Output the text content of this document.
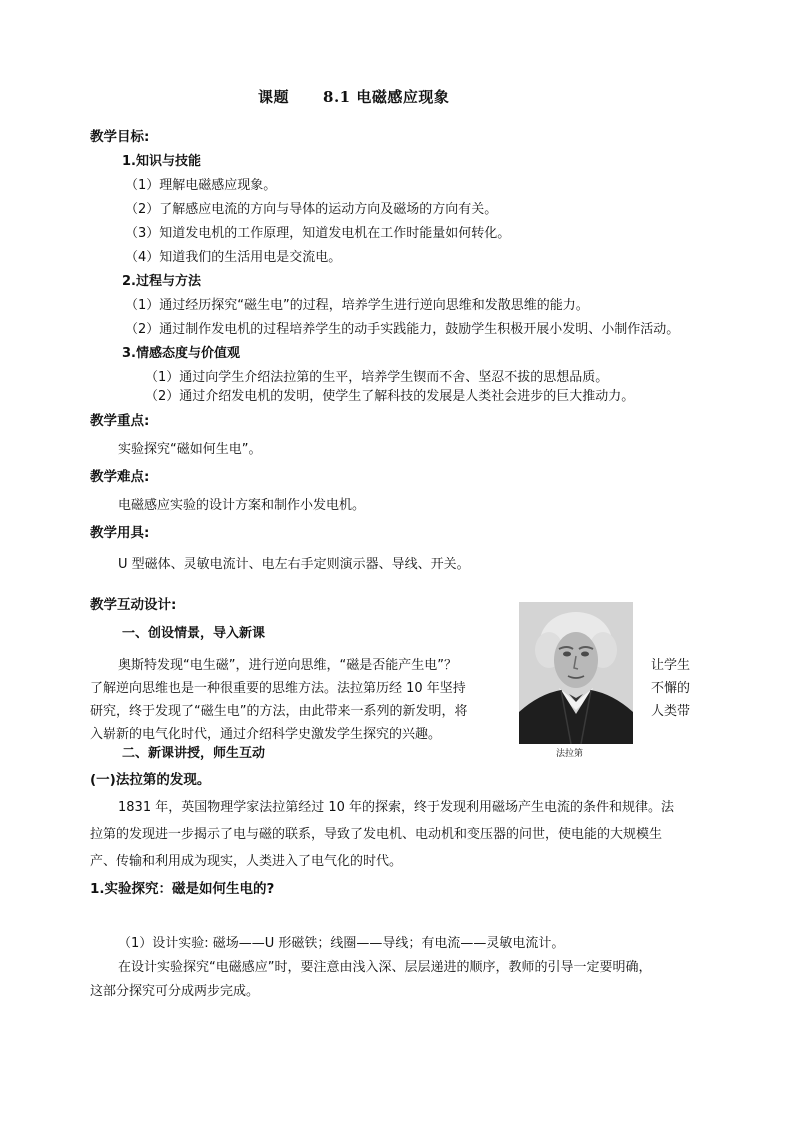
课题 8.1 电磁感应现象
教学目标:
1.知识与技能
（1）理解电磁感应现象。
（2）了解感应电流的方向与导体的运动方向及磁场的方向有关。
（3）知道发电机的工作原理，知道发电机在工作时能量如何转化。
（4）知道我们的生活用电是交流电。
2.过程与方法
（1）通过经历探究“磁生电”的过程，培养学生进行逆向思维和发散思维的能力。
（2）通过制作发电机的过程培养学生的动手实践能力，鼓励学生积极开展小发明、小制作活动。
3.情感态度与价值观
（1）通过向学生介绍法拉第的生平，培养学生锲而不舍、坚忍不拔的思想品质。
（2）通过介绍发电机的发明，使学生了解科技的发展是人类社会进步的巨大推动力。
教学重点:
实验探究“磁如何生电”。
教学难点:
电磁感应实验的设计方案和制作小发电机。
教学用具:
U 型磁体、灵敏电流计、电左右手定则演示器、导线、开关。
教学互动设计:
一、创设情景，导入新课
奥斯特发现“电生磁”，进行逆向思维，“磁是否能产生电”？
了解逆向思维也是一种很重要的思维方法。法拉第历经 10 年坚持
研究，终于发现了“磁生电”的方法，由此带来一系列的新发明，将
入崭新的电气化时代，通过介绍科学史激发学生探究的兴趣。
让学生
不懈的
人类带
法拉第
二、新课讲授，师生互动
(一)法拉第的发现。
1831 年，英国物理学家法拉第经过 10 年的探索，终于发现利用磁场产生电流的条件和规律。法
拉第的发现进一步揭示了电与磁的联系，导致了发电机、电动机和变压器的问世，使电能的大规模生
产、传输和利用成为现实，人类进入了电气化的时代。
1.实验探究：磁是如何生电的?
（1）设计实验: 磁场——U 形磁铁；线圈——导线；有电流——灵敏电流计。
在设计实验探究“电磁感应”时，要注意由浅入深、层层递进的顺序，教师的引导一定要明确，
这部分探究可分成两步完成。
